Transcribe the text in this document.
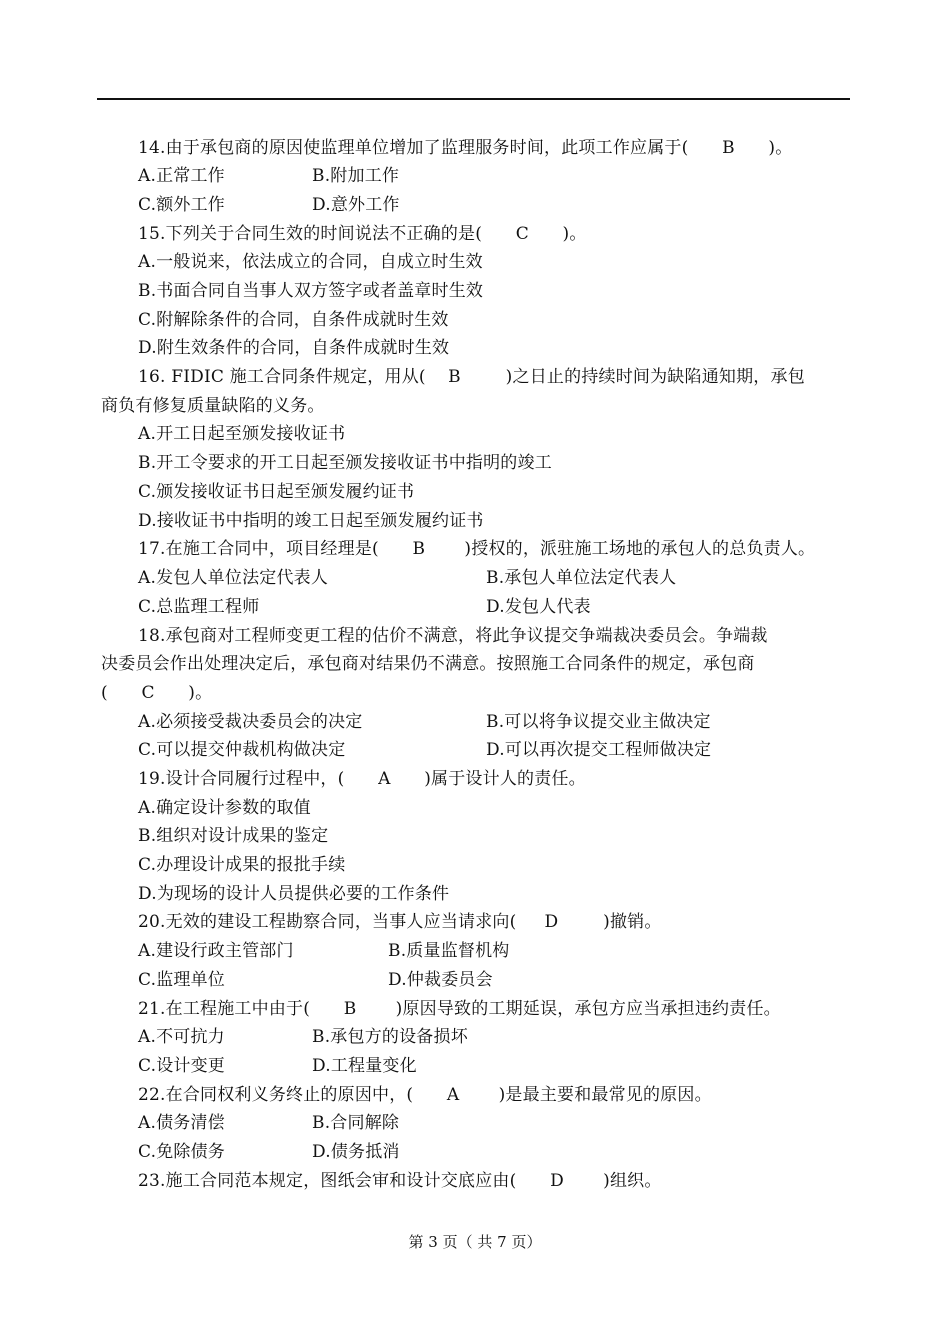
14.由于承包商的原因使监理单位增加了监理服务时间，此项工作应属于(      B      )。
A.正常工作	B.附加工作
C.额外工作	D.意外工作
15.下列关于合同生效的时间说法不正确的是(      C      )。
A.一般说来，依法成立的合同，自成立时生效
B.书面合同自当事人双方签字或者盖章时生效
C.附解除条件的合同，自条件成就时生效
D.附生效条件的合同，自条件成就时生效
16. FIDIC 施工合同条件规定，用从(    B        )之日止的持续时间为缺陷通知期，承包
商负有修复质量缺陷的义务。
A.开工日起至颁发接收证书
B.开工令要求的开工日起至颁发接收证书中指明的竣工
C.颁发接收证书日起至颁发履约证书
D.接收证书中指明的竣工日起至颁发履约证书
17.在施工合同中，项目经理是(      B       )授权的，派驻施工场地的承包人的总负责人。
A.发包人单位法定代表人	B.承包人单位法定代表人
C.总监理工程师	D.发包人代表
18.承包商对工程师变更工程的估价不满意，将此争议提交争端裁决委员会。争端裁
决委员会作出处理决定后，承包商对结果仍不满意。按照施工合同条件的规定，承包商
(      C      )。
A.必须接受裁决委员会的决定	B.可以将争议提交业主做决定
C.可以提交仲裁机构做决定	D.可以再次提交工程师做决定
19.设计合同履行过程中，(      A      )属于设计人的责任。
A.确定设计参数的取值
B.组织对设计成果的鉴定
C.办理设计成果的报批手续
D.为现场的设计人员提供必要的工作条件
20.无效的建设工程勘察合同，当事人应当请求向(     D        )撤销。
A.建设行政主管部门	B.质量监督机构
C.监理单位	D.仲裁委员会
21.在工程施工中由于(      B       )原因导致的工期延误，承包方应当承担违约责任。
A.不可抗力	B.承包方的设备损坏
C.设计变更	D.工程量变化
22.在合同权利义务终止的原因中，(      A       )是最主要和最常见的原因。
A.债务清偿	B.合同解除
C.免除债务	D.债务抵消
23.施工合同范本规定，图纸会审和设计交底应由(      D       )组织。
第 3 页（ 共 7 页）
